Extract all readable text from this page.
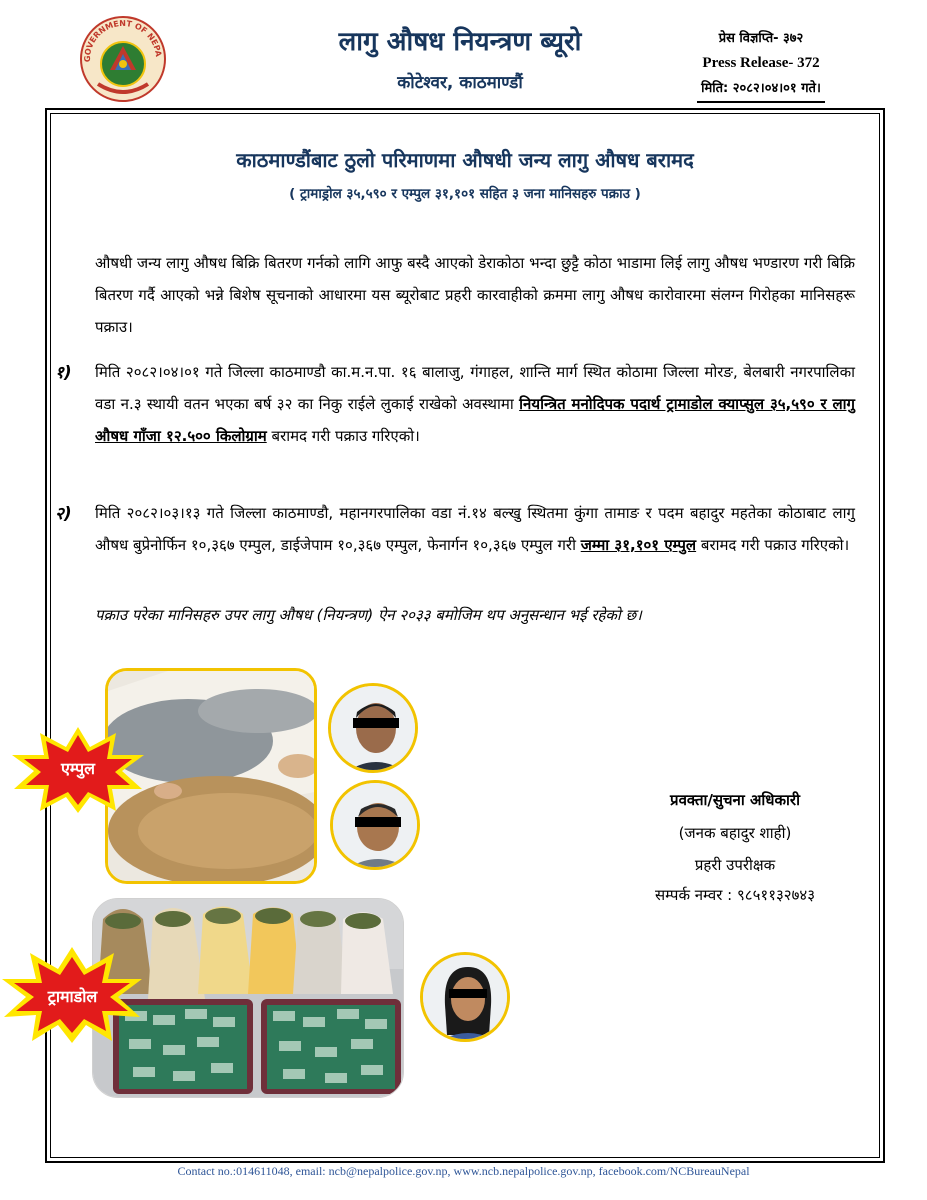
GOVERNMENT OF NEPA	लागु औषध नियन्त्रण ब्यूरो
कोटेश्वर, काठमाण्डौं
प्रेस विज्ञप्ति- ३७२
Press Release- 372
मिति: २०८२।०४।०१ गते।
काठमाण्डौंबाट ठुलो परिमाणमा औषधी जन्य लागु औषध बरामद
( ट्रामाड्रोल ३५,५९० र एम्पुल ३१,१०१ सहित ३ जना मानिसहरु पक्राउ )

औषधी जन्य लागु औषध बिक्रि बितरण गर्नको लागि आफु बस्दै आएको डेराकोठा भन्दा छुट्टै कोठा भाडामा लिई लागु औषध भण्डारण गरी बिक्रि बितरण गर्दै आएको भन्ने बिशेष सूचनाको आधारमा यस ब्यूरोबाट प्रहरी कारवाहीको क्रममा लागु औषध कारोवारमा संलग्न गिरोहका मानिसहरू पक्राउ।

१) मिति २०८२।०४।०१ गते जिल्ला काठमाण्डौ का.म.न.पा. १६ बालाजु, गंगाहल, शान्ति मार्ग स्थित कोठामा जिल्ला मोरङ, बेलबारी नगरपालिका वडा न.३ स्थायी वतन भएका बर्ष ३२ का निकु राईले लुकाई राखेको अवस्थामा नियन्त्रित मनोदिपक पदार्थ ट्रामाडोल क्याप्सुल ३५,५९० र लागु औषध गाँजा १२.५०० किलोग्राम बरामद गरी पक्राउ गरिएको।

२) मिति २०८२।०३।१३ गते जिल्ला काठमाण्डौ, महानगरपालिका वडा नं.१४ बल्खु स्थितमा कुंगा तामाङ र पदम बहादुर महतेका कोठाबाट लागु औषध बुप्रेनोर्फिन १०,३६७ एम्पुल, डाईजेपाम १०,३६७ एम्पुल, फेनार्गन १०,३६७ एम्पुल गरी जम्मा ३१,१०१ एम्पुल बरामद गरी पक्राउ गरिएको।

पक्राउ परेका मानिसहरु उपर लागु औषध (नियन्त्रण) ऐन २०३३ बमोजिम थप अनुसन्धान भई रहेको छ।

एम्पुल
ट्रामाडोल
प्रवक्ता/सुचना अधिकारी
(जनक बहादुर शाही)
प्रहरी उपरीक्षक
सम्पर्क नम्वर : ९८५११३२७४३
Contact no.:014611048, email: ncb@nepalpolice.gov.np, www.ncb.nepalpolice.gov.np, facebook.com/NCBureauNepal
